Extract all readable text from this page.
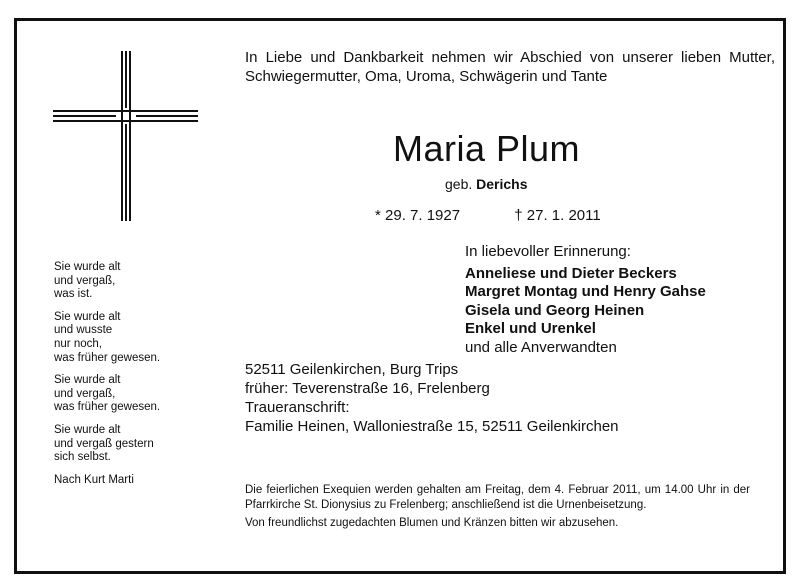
Sie wurde alt
und vergaß,
was ist.
Sie wurde alt
und wusste
nur noch,
was früher gewesen.
Sie wurde alt
und vergaß,
was früher gewesen.
Sie wurde alt
und vergaß gestern
sich selbst.
Nach Kurt Marti

In Liebe und Dankbarkeit nehmen wir Abschied von unserer lieben Mutter, Schwiegermutter, Oma, Uroma, Schwägerin und Tante

Maria Plum
geb. Derichs
* 29. 7. 1927	† 27. 1. 2011
In liebevoller Erinnerung:
Anneliese und Dieter Beckers
Margret Montag und Henry Gahse
Gisela und Georg Heinen
Enkel und Urenkel
und alle Anverwandten
52511 Geilenkirchen, Burg Trips
früher: Teverenstraße 16, Frelenberg
Traueranschrift:
Familie Heinen, Walloniestraße 15, 52511 Geilenkirchen

Die feierlichen Exequien werden gehalten am Freitag, dem 4. Februar 2011, um 14.00 Uhr in der Pfarrkirche St. Dionysius zu Frelenberg; anschließend ist die Urnenbeisetzung.

Von freundlichst zugedachten Blumen und Kränzen bitten wir abzusehen.
